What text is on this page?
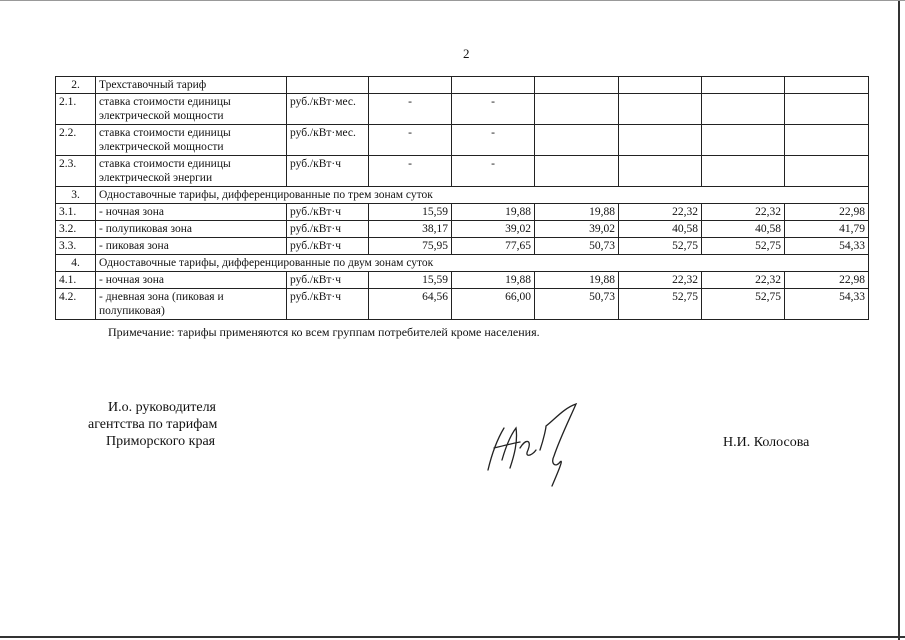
2
2.	Трехставочный тариф							
2.1.	ставка стоимости единицы электрической мощности	руб./кВт·мес.	-	-				
2.2.	ставка стоимости единицы электрической мощности	руб./кВт·мес.	-	-				
2.3.	ставка стоимости единицы электрической энергии	руб./кВт·ч	-	-				
3.	Одноставочные тарифы, дифференцированные по трем зонам суток							
3.1.	- ночная зона	руб./кВт·ч	15,59	19,88	19,88	22,32	22,32	22,98
3.2.	- полупиковая зона	руб./кВт·ч	38,17	39,02	39,02	40,58	40,58	41,79
3.3.	- пиковая зона	руб./кВт·ч	75,95	77,65	50,73	52,75	52,75	54,33
4.	Одноставочные тарифы, дифференцированные по двум зонам суток							
4.1.	- ночная зона	руб./кВт·ч	15,59	19,88	19,88	22,32	22,32	22,98
4.2.	- дневная зона (пиковая и полупиковая)	руб./кВт·ч	64,56	66,00	50,73	52,75	52,75	54,33
Примечание: тарифы применяются ко всем группам потребителей кроме населения.
И.о. руководителя
агентства по тарифам
Приморского края	Н.И. Колосова
